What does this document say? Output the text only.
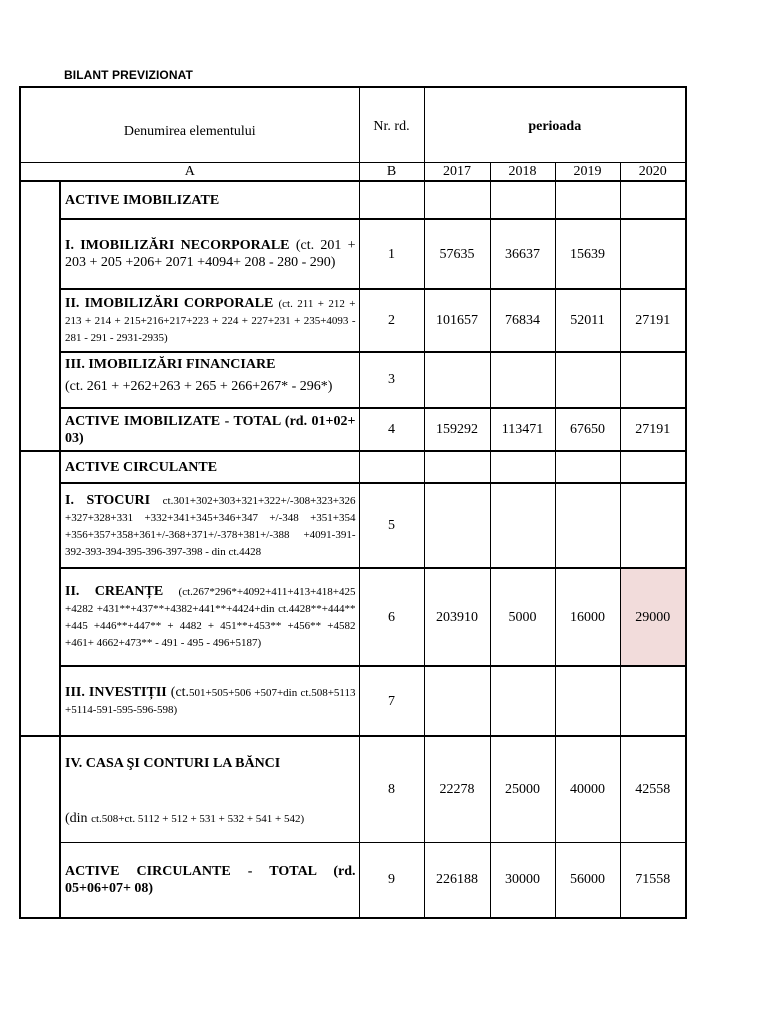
BILANT PREVIZIONAT
Denumirea elementului		Nr. rd.	perioada			
A		B	2017	2018	2019	2020
	ACTIVE IMOBILIZATE					
	I. IMOBILIZĂRI NECORPORALE (ct. 201 + 203 + 205 +206+ 2071 +4094+ 208 - 280 - 290)	1	57635	36637	15639	
	II. IMOBILIZĂRI CORPORALE (ct. 211 + 212 + 213 + 214 + 215+216+217+223 + 224 + 227+231 + 235+4093 - 281 - 291 - 2931-2935)	2	101657	76834	52011	27191

	III. IMOBILIZĂRI FINANCIARE
(ct. 261 + +262+263 + 265 + 266+267* - 296*)	3				
	ACTIVE IMOBILIZATE - TOTAL (rd. 01+02+ 03)	4	159292	113471	67650	27191
	ACTIVE CIRCULANTE					
	I. STOCURI ct.301+302+303+321+322+/-308+323+326 +327+328+331 +332+341+345+346+347 +/-348 +351+354 +356+357+358+361+/-368+371+/-378+381+/-388 +4091-391- 392-393-394-395-396-397-398 - din ct.4428	5				
	II. CREANȚE (ct.267*296*+4092+411+413+418+425 +4282 +431**+437**+4382+441**+4424+din ct.4428**+444** +445 +446**+447** + 4482 + 451**+453** +456** +4582 +461+ 4662+473** - 491 - 495 - 496+5187)	6	203910	5000	16000	29000
	III. INVESTIȚII (ct.501+505+506 +507+din ct.508+5113 +5114-591-595-596-598)	7				

	IV. CASA ŞI CONTURI LA BĂNCI
(din ct.508+ct. 5112 + 512 + 531 + 532 + 541 + 542)	8	22278	25000	40000	42558
	ACTIVE CIRCULANTE - TOTAL (rd. 05+06+07+ 08)	9	226188	30000	56000	71558
